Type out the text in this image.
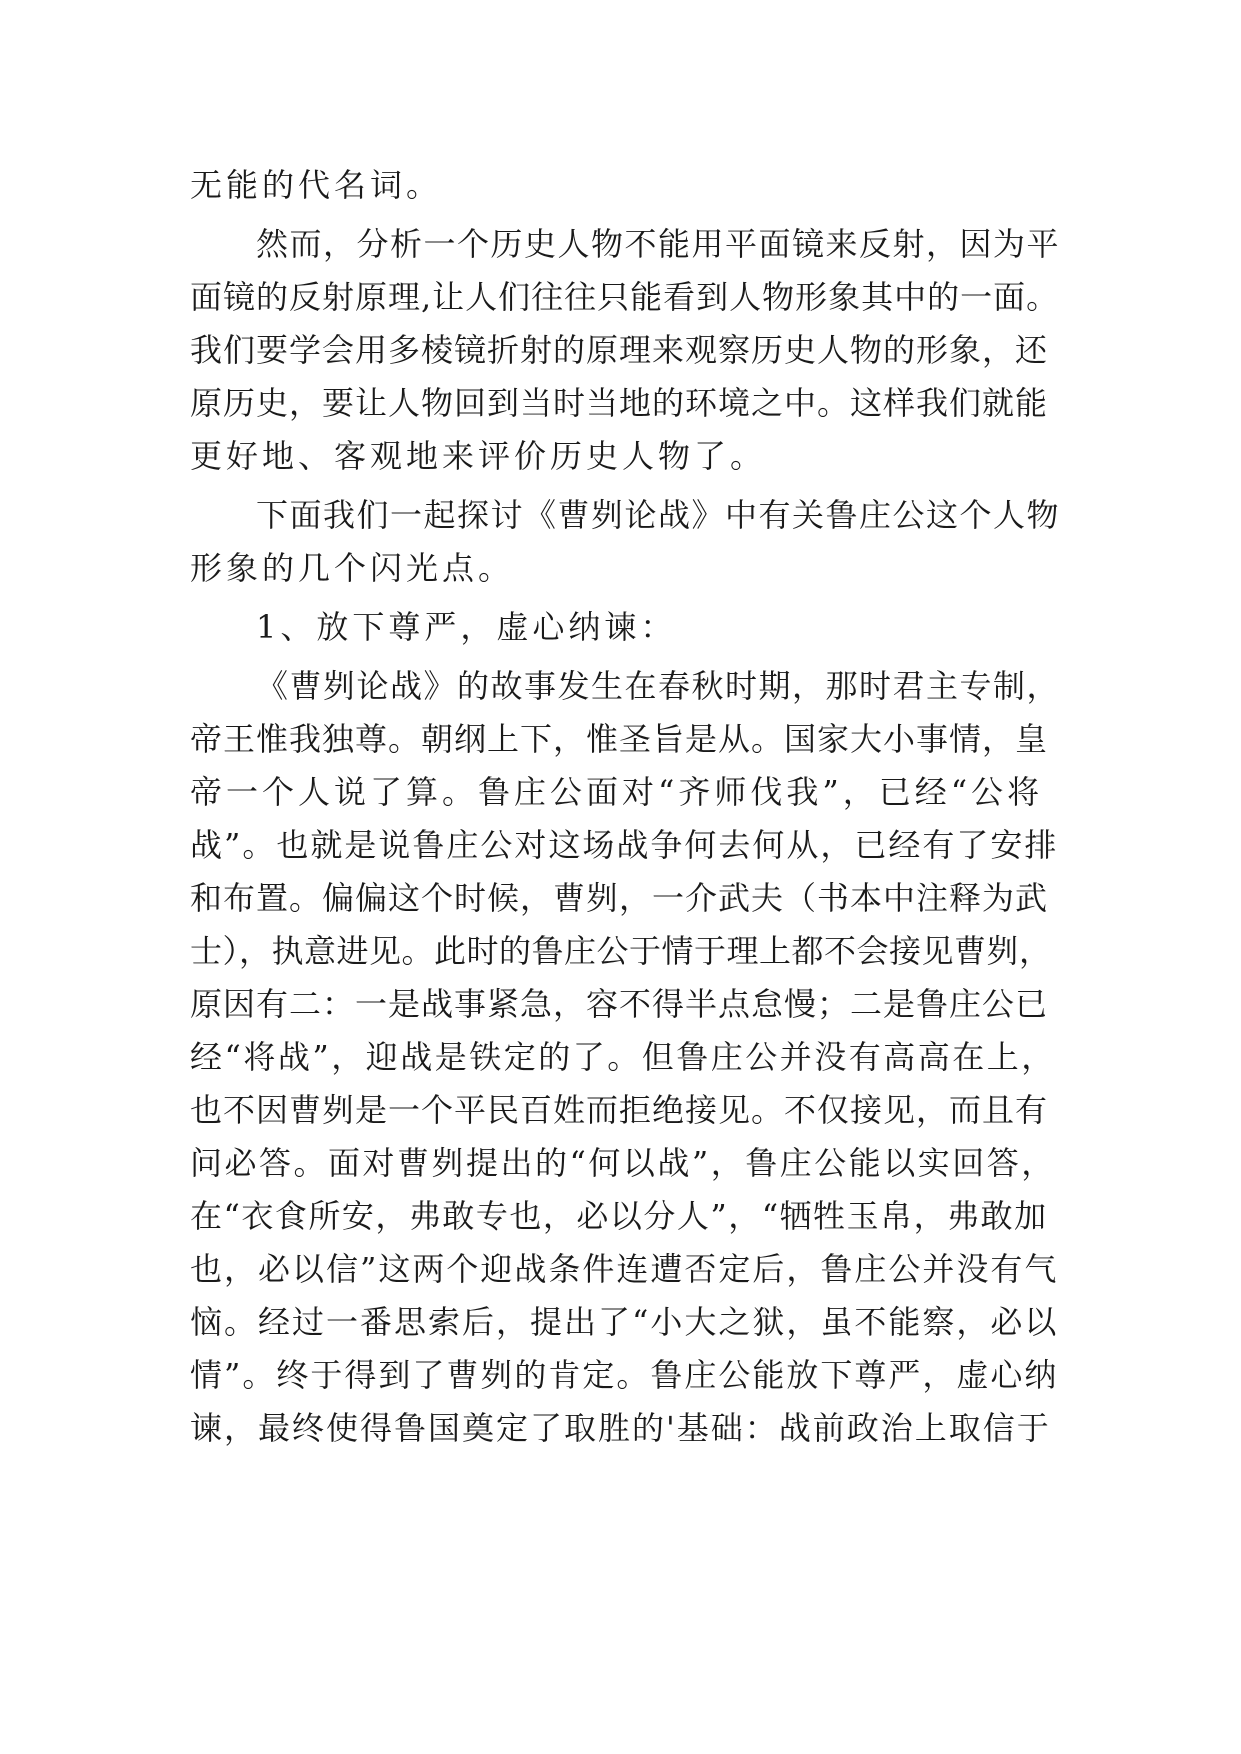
无能的代名词。
然而，分析一个历史人物不能用平面镜来反射，因为平
面镜的反射原理,让人们往往只能看到人物形象其中的一面。
我们要学会用多棱镜折射的原理来观察历史人物的形象，还
原历史，要让人物回到当时当地的环境之中。这样我们就能
更好地、客观地来评价历史人物了。
下面我们一起探讨《曹刿论战》中有关鲁庄公这个人物
形象的几个闪光点。
1、放下尊严，虚心纳谏：
《曹刿论战》的故事发生在春秋时期，那时君主专制，
帝王惟我独尊。朝纲上下，惟圣旨是从。国家大小事情，皇
帝一个人说了算。鲁庄公面对“齐师伐我”，已经“公将
战”。也就是说鲁庄公对这场战争何去何从，已经有了安排
和布置。偏偏这个时候，曹刿，一介武夫（书本中注释为武
士），执意进见。此时的鲁庄公于情于理上都不会接见曹刿，
原因有二：一是战事紧急，容不得半点怠慢；二是鲁庄公已
经“将战”，迎战是铁定的了。但鲁庄公并没有高高在上，
也不因曹刿是一个平民百姓而拒绝接见。不仅接见，而且有
问必答。面对曹刿提出的“何以战”，鲁庄公能以实回答，
在“衣食所安，弗敢专也，必以分人”，“牺牲玉帛，弗敢加
也，必以信”这两个迎战条件连遭否定后，鲁庄公并没有气
恼。经过一番思索后，提出了“小大之狱，虽不能察，必以
情”。终于得到了曹刿的肯定。鲁庄公能放下尊严，虚心纳
谏，最终使得鲁国奠定了取胜的'基础：战前政治上取信于
